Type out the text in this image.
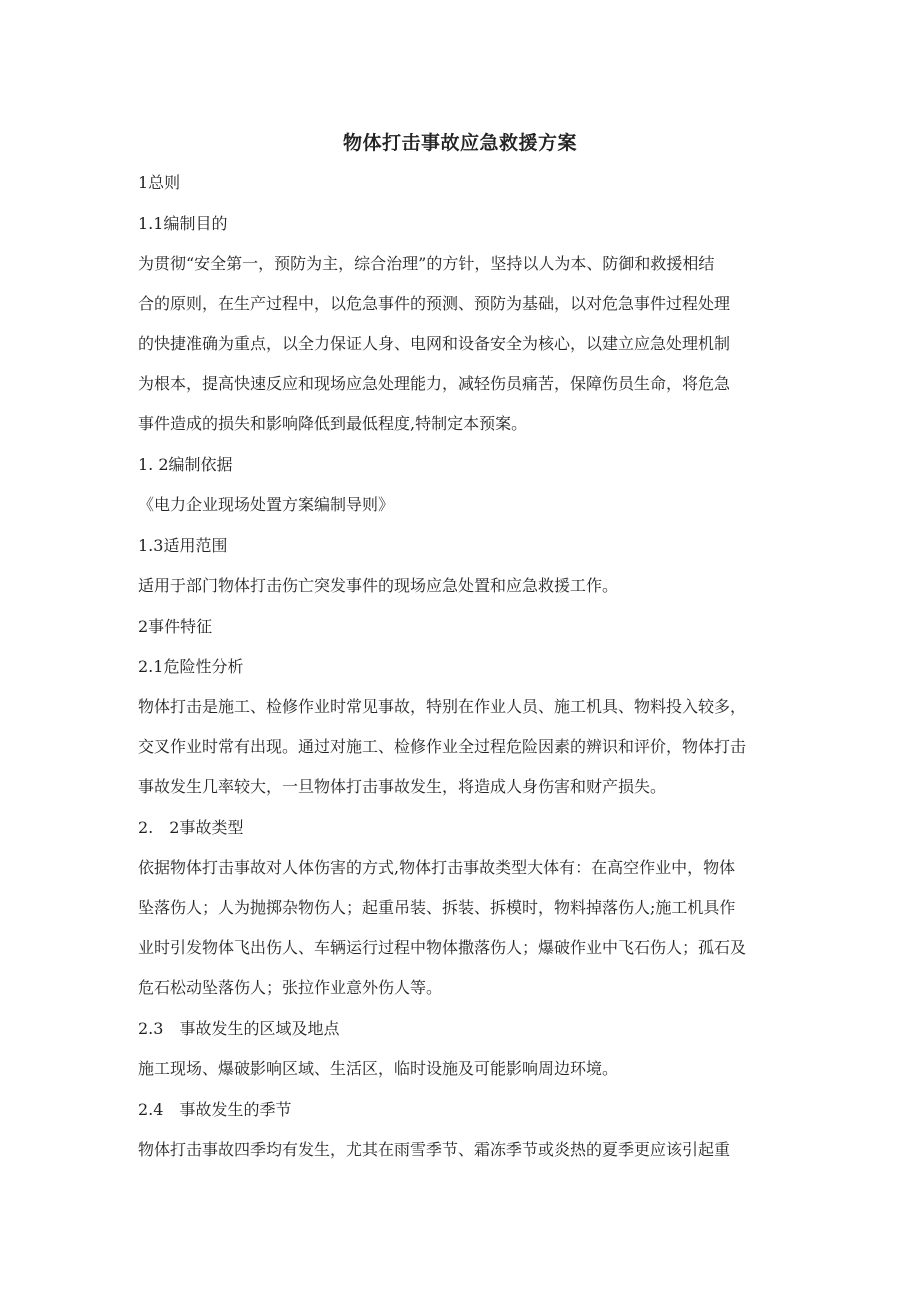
物体打击事故应急救援方案
1总则
1.1编制目的
为贯彻“安全第一，预防为主，综合治理”的方针，坚持以人为本、防御和救援相结
合的原则，在生产过程中，以危急事件的预测、预防为基础，以对危急事件过程处理
的快捷准确为重点，以全力保证人身、电网和设备安全为核心，以建立应急处理机制
为根本，提高快速反应和现场应急处理能力，减轻伤员痛苦，保障伤员生命，将危急
事件造成的损失和影响降低到最低程度,特制定本预案。
1. 2编制依据
《电力企业现场处置方案编制导则》
1.3适用范围
适用于部门物体打击伤亡突发事件的现场应急处置和应急救援工作。
2事件特征
2.1危险性分析
物体打击是施工、检修作业时常见事故，特别在作业人员、施工机具、物料投入较多，
交叉作业时常有出现。通过对施工、检修作业全过程危险因素的辨识和评价，物体打击
事故发生几率较大，一旦物体打击事故发生，将造成人身伤害和财产损失。
2.　2事故类型
依据物体打击事故对人体伤害的方式,物体打击事故类型大体有：在高空作业中，物体
坠落伤人；人为抛掷杂物伤人；起重吊装、拆装、拆模时，物料掉落伤人;施工机具作
业时引发物体飞出伤人、车辆运行过程中物体撒落伤人；爆破作业中飞石伤人；孤石及
危石松动坠落伤人；张拉作业意外伤人等。
2.3　事故发生的区域及地点
施工现场、爆破影响区域、生活区，临时设施及可能影响周边环境。
2.4　事故发生的季节
物体打击事故四季均有发生，尤其在雨雪季节、霜冻季节或炎热的夏季更应该引起重
